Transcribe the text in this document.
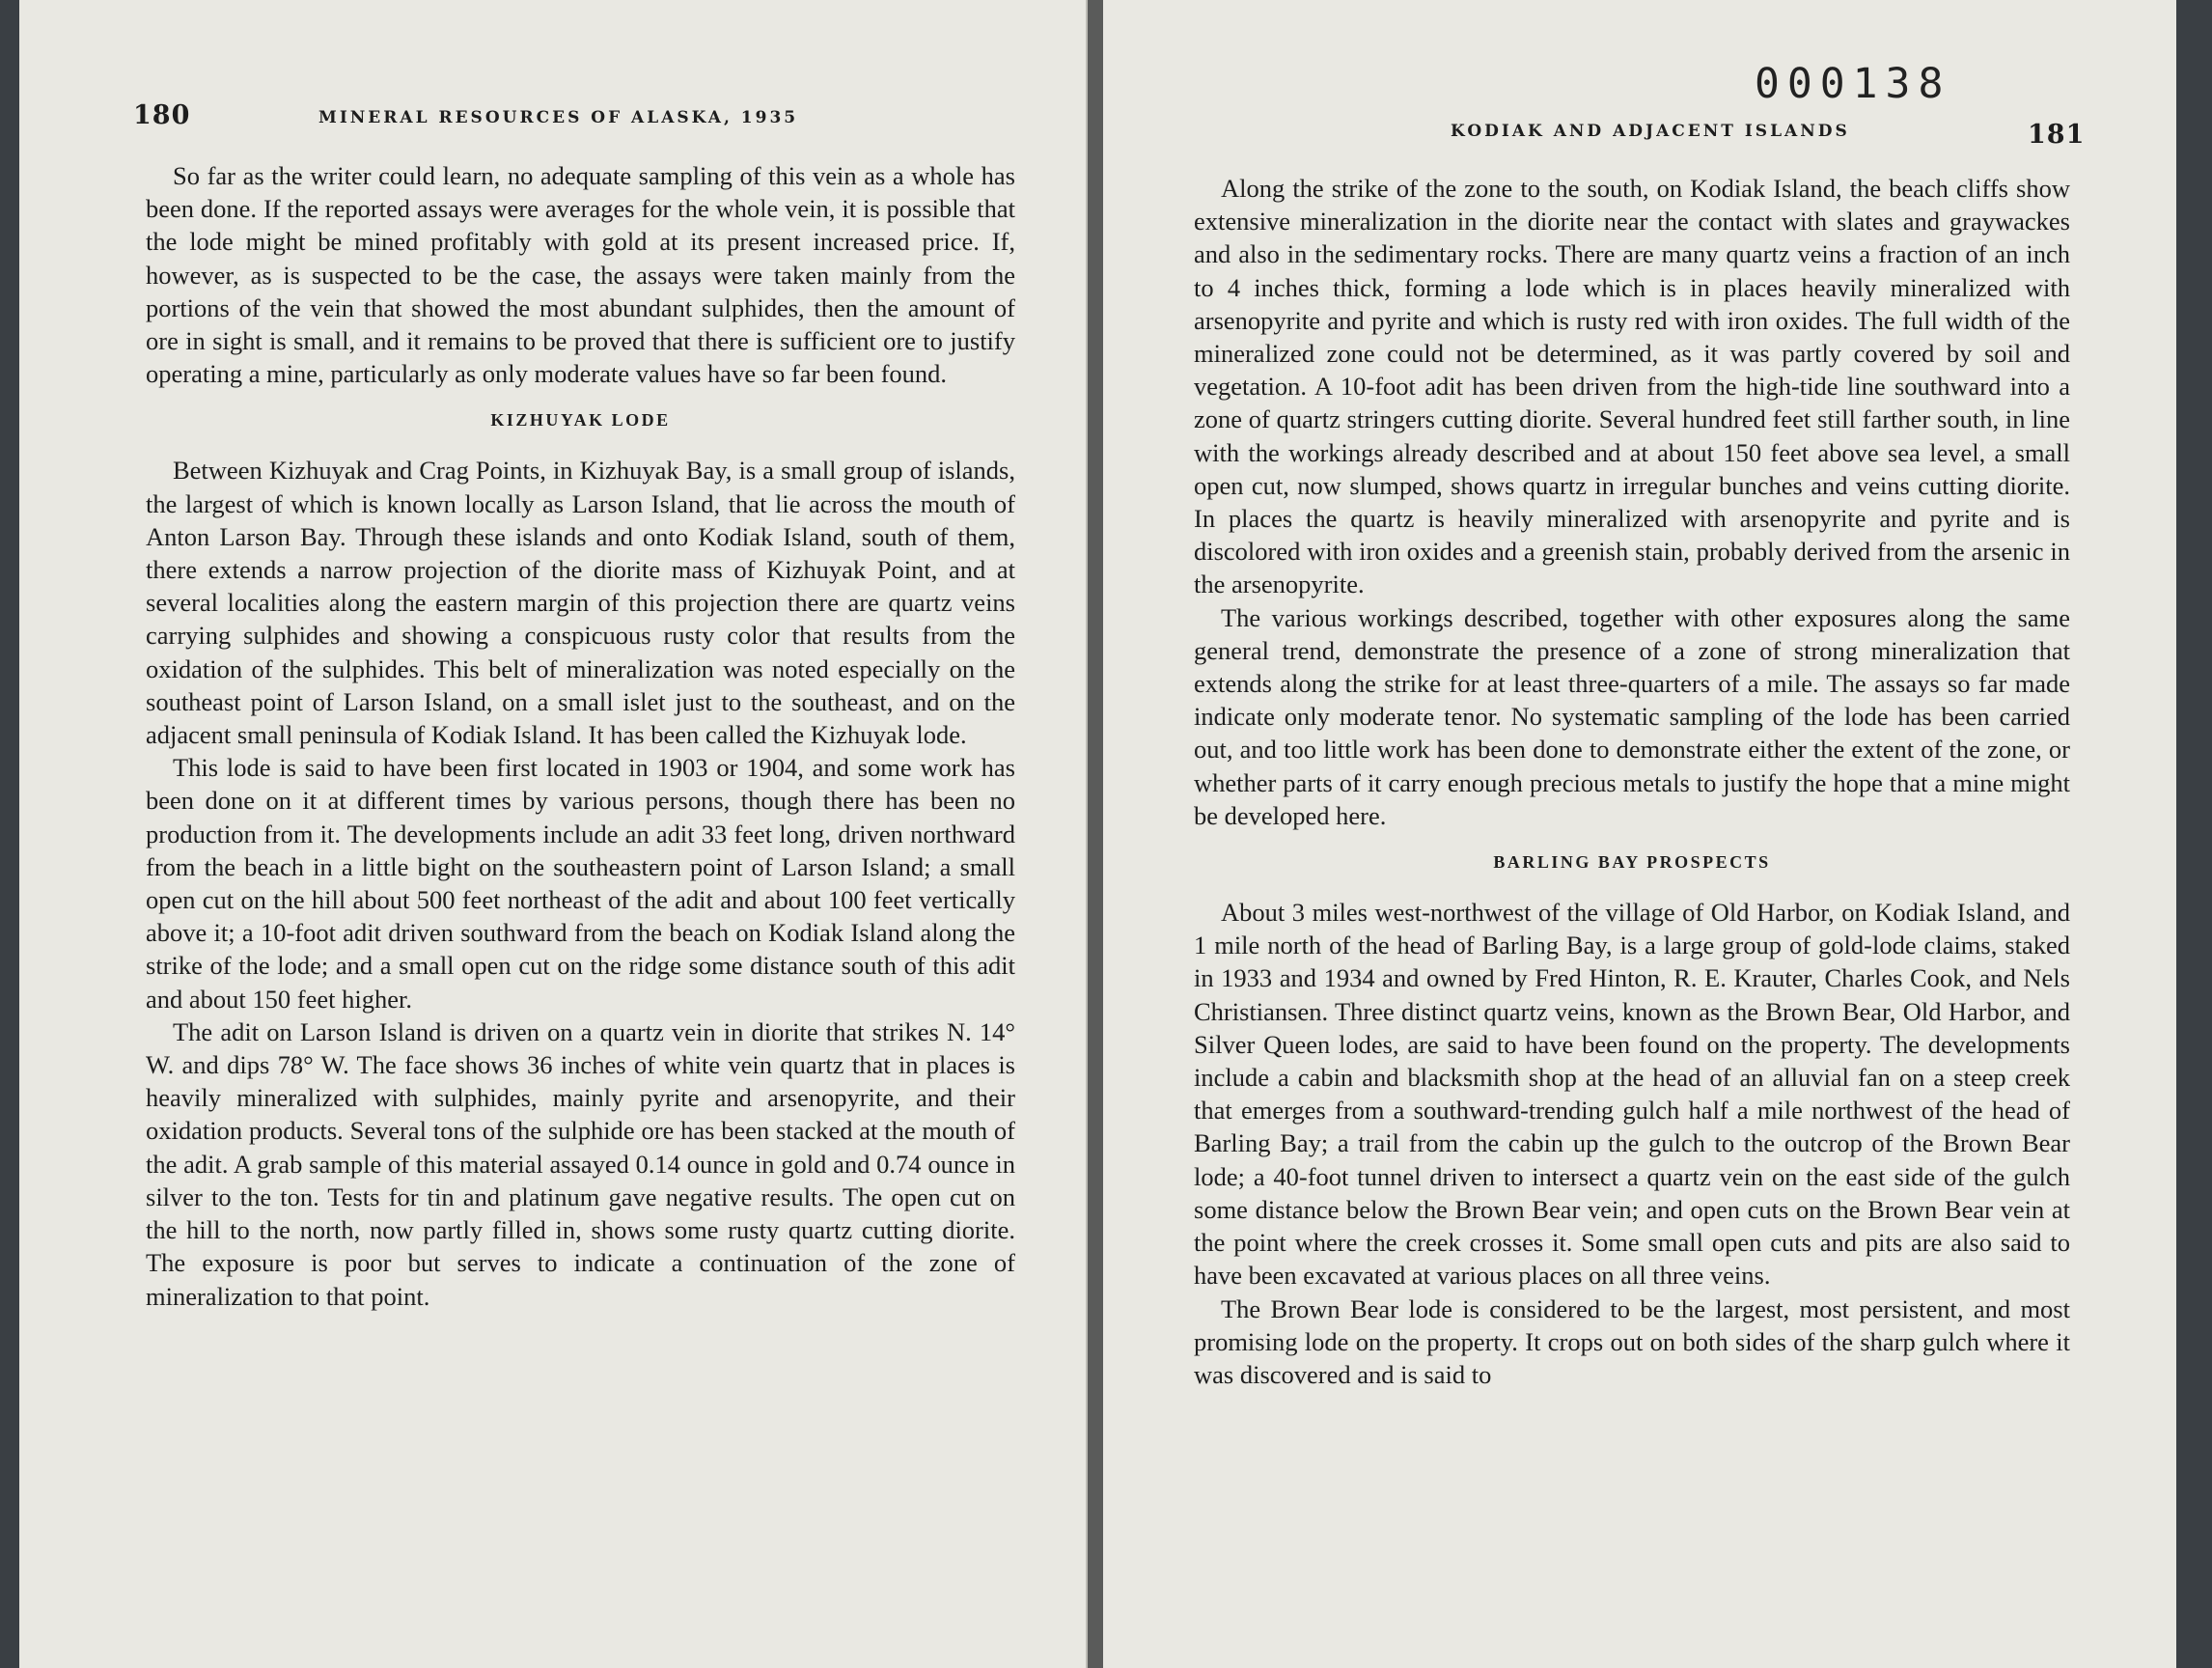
180	MINERAL RESOURCES OF ALASKA, 1935

So far as the writer could learn, no adequate sampling of this vein as a whole has been done. If the reported assays were averages for the whole vein, it is possible that the lode might be mined profitably with gold at its present increased price. If, however, as is suspected to be the case, the assays were taken mainly from the portions of the vein that showed the most abundant sulphides, then the amount of ore in sight is small, and it remains to be proved that there is sufficient ore to justify operating a mine, particularly as only moderate values have so far been found.

KIZHUYAK LODE

Between Kizhuyak and Crag Points, in Kizhuyak Bay, is a small group of islands, the largest of which is known locally as Larson Island, that lie across the mouth of Anton Larson Bay. Through these islands and onto Kodiak Island, south of them, there extends a narrow projection of the diorite mass of Kizhuyak Point, and at several localities along the eastern margin of this projection there are quartz veins carrying sulphides and showing a conspicuous rusty color that results from the oxidation of the sulphides. This belt of mineralization was noted especially on the southeast point of Larson Island, on a small islet just to the southeast, and on the adjacent small peninsula of Kodiak Island. It has been called the Kizhuyak lode.

This lode is said to have been first located in 1903 or 1904, and some work has been done on it at different times by various persons, though there has been no production from it. The developments include an adit 33 feet long, driven northward from the beach in a little bight on the southeastern point of Larson Island; a small open cut on the hill about 500 feet northeast of the adit and about 100 feet vertically above it; a 10-foot adit driven southward from the beach on Kodiak Island along the strike of the lode; and a small open cut on the ridge some distance south of this adit and about 150 feet higher.

The adit on Larson Island is driven on a quartz vein in diorite that strikes N. 14° W. and dips 78° W. The face shows 36 inches of white vein quartz that in places is heavily mineralized with sulphides, mainly pyrite and arsenopyrite, and their oxidation products. Several tons of the sulphide ore has been stacked at the mouth of the adit. A grab sample of this material assayed 0.14 ounce in gold and 0.74 ounce in silver to the ton. Tests for tin and platinum gave negative results. The open cut on the hill to the north, now partly filled in, shows some rusty quartz cutting diorite. The exposure is poor but serves to indicate a continuation of the zone of mineralization to that point.

000138
KODIAK AND ADJACENT ISLANDS	181

Along the strike of the zone to the south, on Kodiak Island, the beach cliffs show extensive mineralization in the diorite near the contact with slates and graywackes and also in the sedimentary rocks. There are many quartz veins a fraction of an inch to 4 inches thick, forming a lode which is in places heavily mineralized with arsenopyrite and pyrite and which is rusty red with iron oxides. The full width of the mineralized zone could not be determined, as it was partly covered by soil and vegetation. A 10-foot adit has been driven from the high-tide line southward into a zone of quartz stringers cutting diorite. Several hundred feet still farther south, in line with the workings already described and at about 150 feet above sea level, a small open cut, now slumped, shows quartz in irregular bunches and veins cutting diorite. In places the quartz is heavily mineralized with arsenopyrite and pyrite and is discolored with iron oxides and a greenish stain, probably derived from the arsenic in the arsenopyrite.

The various workings described, together with other exposures along the same general trend, demonstrate the presence of a zone of strong mineralization that extends along the strike for at least three-quarters of a mile. The assays so far made indicate only moderate tenor. No systematic sampling of the lode has been carried out, and too little work has been done to demonstrate either the extent of the zone, or whether parts of it carry enough precious metals to justify the hope that a mine might be developed here.

BARLING BAY PROSPECTS

About 3 miles west-northwest of the village of Old Harbor, on Kodiak Island, and 1 mile north of the head of Barling Bay, is a large group of gold-lode claims, staked in 1933 and 1934 and owned by Fred Hinton, R. E. Krauter, Charles Cook, and Nels Christiansen. Three distinct quartz veins, known as the Brown Bear, Old Harbor, and Silver Queen lodes, are said to have been found on the property. The developments include a cabin and blacksmith shop at the head of an alluvial fan on a steep creek that emerges from a southward-trending gulch half a mile northwest of the head of Barling Bay; a trail from the cabin up the gulch to the outcrop of the Brown Bear lode; a 40-foot tunnel driven to intersect a quartz vein on the east side of the gulch some distance below the Brown Bear vein; and open cuts on the Brown Bear vein at the point where the creek crosses it. Some small open cuts and pits are also said to have been excavated at various places on all three veins.

The Brown Bear lode is considered to be the largest, most persistent, and most promising lode on the property. It crops out on both sides of the sharp gulch where it was discovered and is said to
